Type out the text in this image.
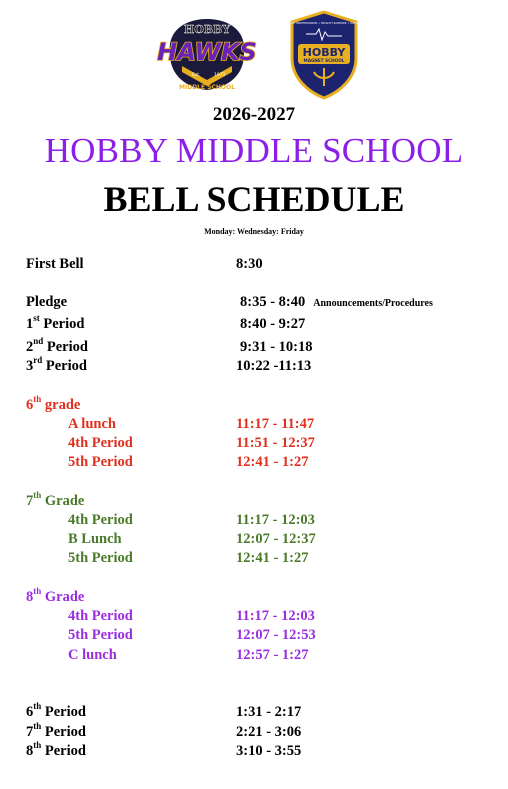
HOBBY
HAWKS
Est.	1971
MIDDLE SCHOOL
HEALTH PROFESSIONS • HEALTH SCIENCE • PATHWAY
HOBBY
MAGNET SCHOOL
2026-2027
HOBBY MIDDLE SCHOOL
BELL SCHEDULE
Monday: Wednesday: Friday
First Bell	8:30
Pledge	8:35 - 8:40 Announcements/Procedures
1st Period	8:40 - 9:27
2nd Period	9:31 - 10:18
3rd Period	10:22 -11:13
6th grade
A lunch	11:17 - 11:47
4th Period	11:51 - 12:37
5th Period	12:41 - 1:27
7th Grade
4th Period	11:17 - 12:03
B Lunch	12:07 - 12:37
5th Period	12:41 - 1:27
8th Grade
4th Period	11:17 - 12:03
5th Period	12:07 - 12:53
C lunch	12:57 - 1:27
6th Period	1:31 - 2:17
7th Period	2:21 - 3:06
8th Period	3:10 - 3:55
